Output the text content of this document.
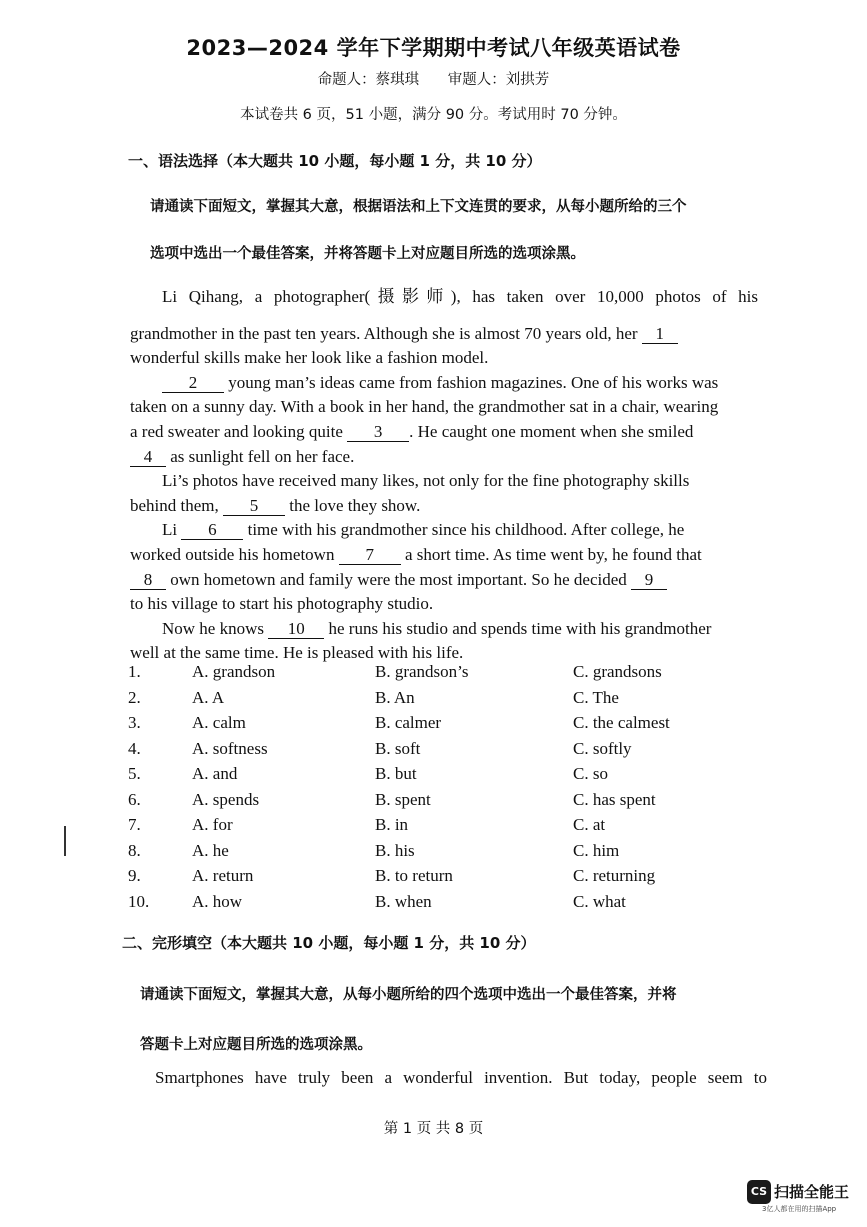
2023—2024 学年下学期期中考试八年级英语试卷
命题人：蔡琪琪 审题人：刘拱芳
本试卷共 6 页，51 小题，满分 90 分。考试用时 70 分钟。
一、语法选择（本大题共 10 小题，每小题 1 分，共 10 分）
请通读下面短文，掌握其大意，根据语法和上下文连贯的要求，从每小题所给的三个
选项中选出一个最佳答案，并将答题卡上对应题目所选的选项涂黑。

Li Qihang, a photographer(摄影师), has taken over 10,000 photos of his

grandmother in the past ten years. Although she is almost 70 years old, her 1

wonderful skills make her look like a fashion model.

2 young man’s ideas came from fashion magazines. One of his works was

taken on a sunny day. With a book in her hand, the grandmother sat in a chair, wearing

a red sweater and looking quite 3 . He caught one moment when she smiled

4 as sunlight fell on her face.

Li’s photos have received many likes, not only for the fine photography skills

behind them, 5 the love they show.

Li 6 time with his grandmother since his childhood. After college, he

worked outside his hometown 7 a short time. As time went by, he found that

8 own hometown and family were the most important. So he decided 9

to his village to start his photography studio.

Now he knows 10 he runs his studio and spends time with his grandmother

well at the same time. He is pleased with his life.

1.	A. grandson	B. grandson’s	C. grandsons
2.	A. A	B. An	C. The
3.	A. calm	B. calmer	C. the calmest
4.	A. softness	B. soft	C. softly
5.	A. and	B. but	C. so
6.	A. spends	B. spent	C. has spent
7.	A. for	B. in	C. at
8.	A. he	B. his	C. him
9.	A. return	B. to return	C. returning
10.	A. how	B. when	C. what
二、完形填空（本大题共 10 小题，每小题 1 分，共 10 分）
请通读下面短文，掌握其大意，从每小题所给的四个选项中选出一个最佳答案，并将
答题卡上对应题目所选的选项涂黑。

Smartphones have truly been a wonderful invention. But today, people seem to

第 1 页 共 8 页
CS 扫描全能王
3亿人都在用的扫描App
